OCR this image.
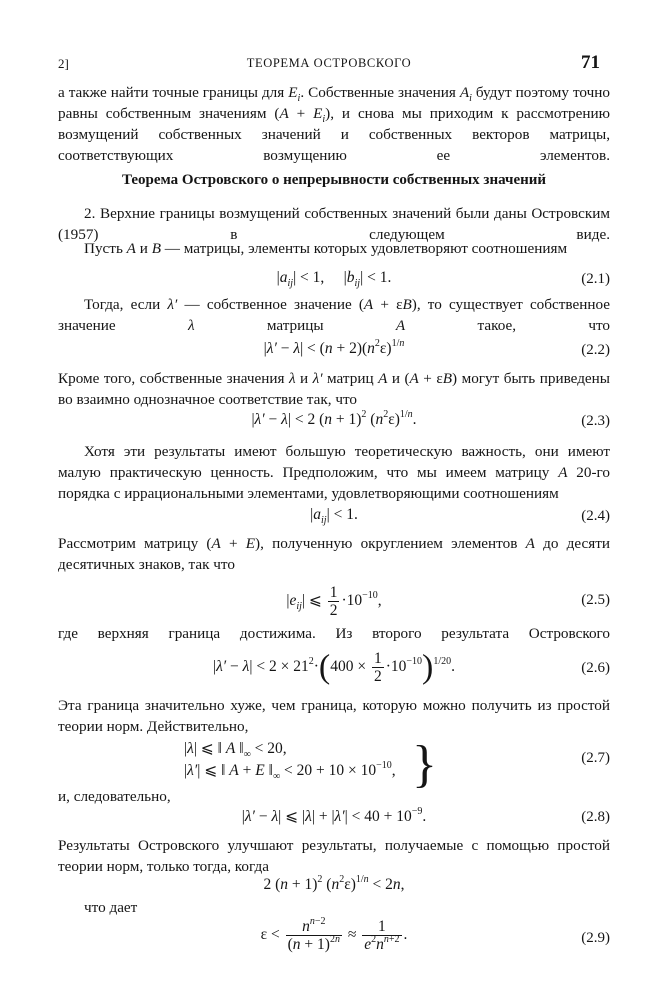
2]	ТЕОРЕМА ОСТРОВСКОГО	71

а также найти точные границы для $E_i$. Собственные значения $A_i$ будут поэтому точно равны собственным значениям $(A + E_i)$, и снова мы приходим к рассмотрению возмущений собственных значений и собственных векторов матрицы, соответствующих возмущению ее элементов.

Теорема Островского о непрерывности собственных значений

2. Верхние границы возмущений собственных значений были даны Островским (1957) в следующем виде.

Пусть A и B — матрицы, элементы которых удовлетворяют соотношениям

$|a_{ij}| < 1$,     $|b_{ij}| < 1$.	(2.1)

Тогда, если λ′ — собственное значение (A + εB), то существует собственное значение λ матрицы A такое, что

$|\lambda' - \lambda| < (n + 2)(n^2\varepsilon)^{1/n}$	(2.2)

Кроме того, собственные значения λ и λ′ матриц A и (A + εB) могут быть приведены во взаимно однозначное соответствие так, что

|λ′ − λ| < 2 $(n + 1)^2$ $(n^2\varepsilon)^{1/n}$.	(2.3)

Хотя эти результаты имеют большую теоретическую важность, они имеют малую практическую ценность. Предположим, что мы имеем матрицу A 20-го порядка с иррациональными элементами, удовлетворяющими соотношениям

$|a_{ij}| < 1$.	(2.4)

Рассмотрим матрицу (A + E), полученную округлением элементов A до десяти десятичных знаков, так что

$|e_{ij}|$ ⩽ $\frac{1}{2} \cdot 10^{-10}$,	(2.5)

где верхняя граница достижима. Из второго результата Островского

$|\lambda' - \lambda| < 2 \times 21^2\cdot(400 \times \frac{1}{2} \cdot 10^{-10})^{1/20}$.	(2.6)

Эта граница значительно хуже, чем граница, которую можно получить из простой теории норм. Действительно,

|λ| ⩽ ‖ A $‖_\infty < 20$,
|λ′| ⩽ ‖ A + E $‖_\infty < 20 + 10 \times 10^{-10}$,
(2.7)
}

и, следовательно,

|λ′ − λ| ⩽ $|\lambda| + |\lambda'| < 40 + 10^{-9}$.	(2.8)

Результаты Островского улучшают результаты, получаемые с помощью простой теории норм, только тогда, когда

2 $(n + 1)^2$ $(n^2\varepsilon)^{1/n} < 2n$,

что дает

$\varepsilon < \frac{n^{n-2}}{(n + 1)^{2n}} \approx \frac{1}{e^2n^{n+2}}$ .	(2.9)
